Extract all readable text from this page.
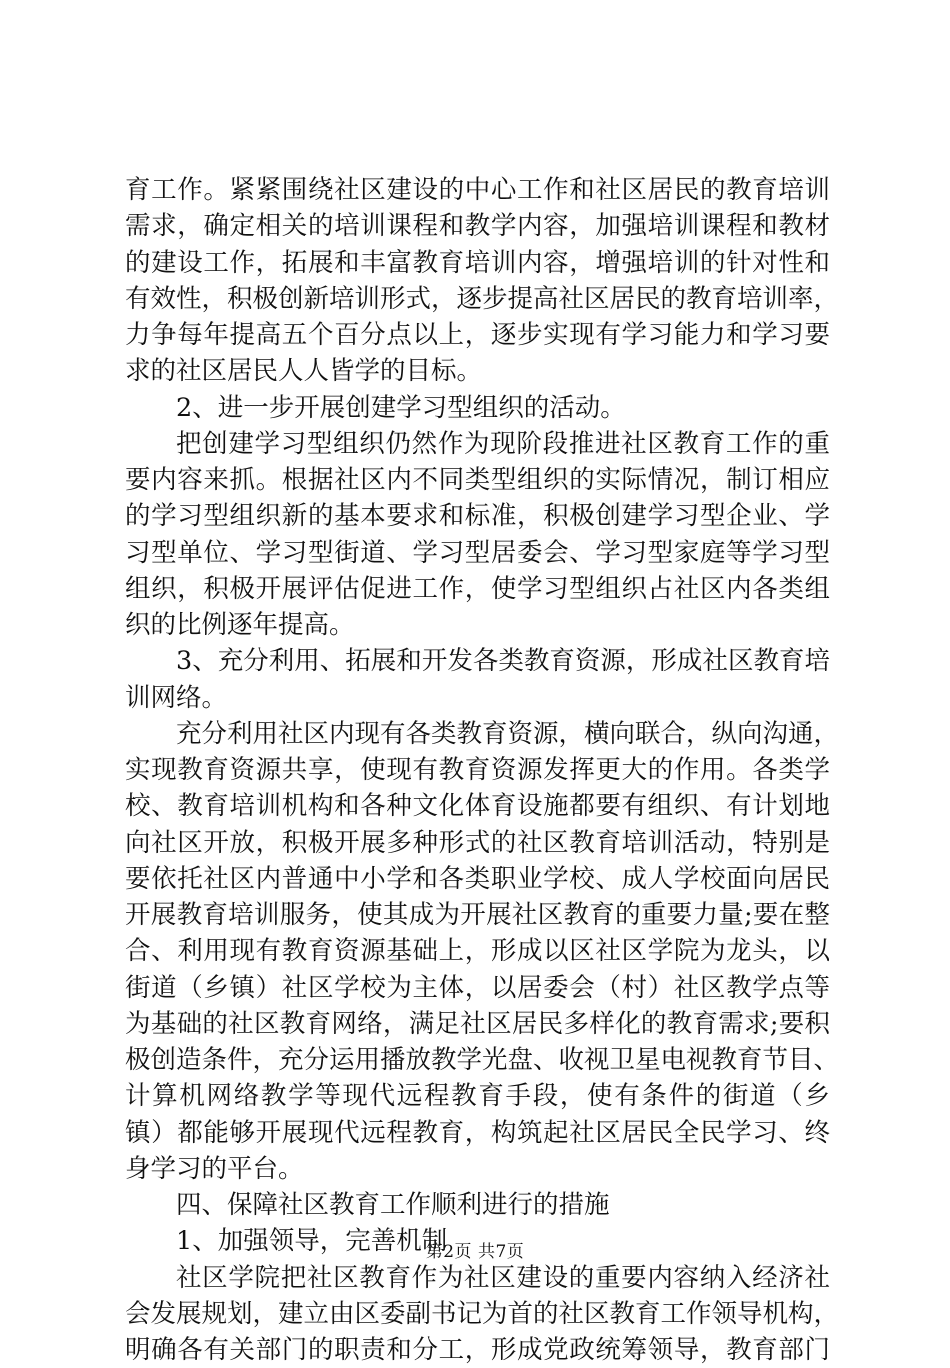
育工作。紧紧围绕社区建设的中心工作和社区居民的教育培训
需求，确定相关的培训课程和教学内容，加强培训课程和教材
的建设工作，拓展和丰富教育培训内容，增强培训的针对性和
有效性，积极创新培训形式，逐步提高社区居民的教育培训率，
力争每年提高五个百分点以上，逐步实现有学习能力和学习要
求的社区居民人人皆学的目标。
2、进一步开展创建学习型组织的活动。
把创建学习型组织仍然作为现阶段推进社区教育工作的重
要内容来抓。根据社区内不同类型组织的实际情况，制订相应
的学习型组织新的基本要求和标准，积极创建学习型企业、学
习型单位、学习型街道、学习型居委会、学习型家庭等学习型
组织，积极开展评估促进工作，使学习型组织占社区内各类组
织的比例逐年提高。
3、充分利用、拓展和开发各类教育资源，形成社区教育培
训网络。
充分利用社区内现有各类教育资源，横向联合，纵向沟通，
实现教育资源共享，使现有教育资源发挥更大的作用。各类学
校、教育培训机构和各种文化体育设施都要有组织、有计划地
向社区开放，积极开展多种形式的社区教育培训活动，特别是
要依托社区内普通中小学和各类职业学校、成人学校面向居民
开展教育培训服务，使其成为开展社区教育的重要力量;要在整
合、利用现有教育资源基础上，形成以区社区学院为龙头，以
街道（乡镇）社区学校为主体，以居委会（村）社区教学点等
为基础的社区教育网络，满足社区居民多样化的教育需求;要积
极创造条件，充分运用播放教学光盘、收视卫星电视教育节目、
计算机网络教学等现代远程教育手段，使有条件的街道（乡
镇）都能够开展现代远程教育，构筑起社区居民全民学习、终
身学习的平台。
四、保障社区教育工作顺利进行的措施
1、加强领导，完善机制
社区学院把社区教育作为社区建设的重要内容纳入经济社
会发展规划，建立由区委副书记为首的社区教育工作领导机构，
明确各有关部门的职责和分工，形成党政统筹领导，教育部门
第2页 共7页
